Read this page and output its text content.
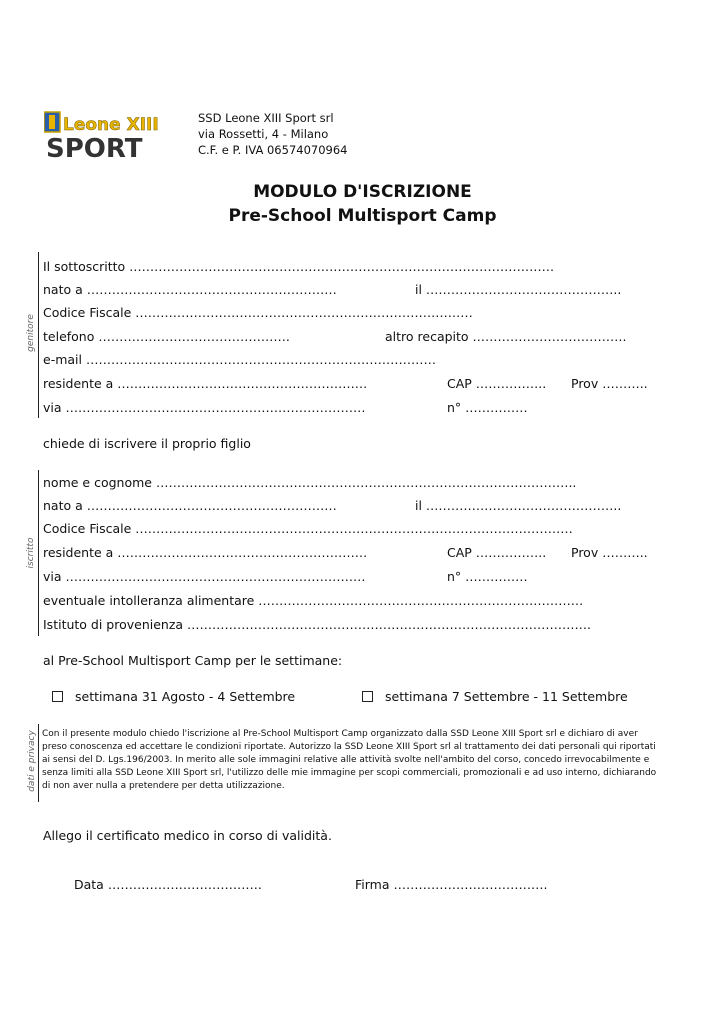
Leone XIII
SPORT
SSD Leone XIII Sport srl
via Rossetti, 4 - Milano
C.F. e P. IVA 06574070964
MODULO D'ISCRIZIONE
Pre-School Multisport Camp
genitore
Il sottoscritto …………………………………………………………………………………………
nato a ……………………………………………………	il ………………………………………..
Codice Fiscale ………………………………………………………………………
telefono ……………………………………….	altro recapito ……………………………….
e-mail …………………………………………………………………………
residente a ……………………………………………………	CAP …………….. Prov ………..
via ………………………………………………………………	n° ……………
chiede di iscrivere il proprio figlio
iscritto
nome e cognome ………………………………………………………………………………………..
nato a ……………………………………………………	il ………………………………………..
Codice Fiscale ……………………………………………………………………………………………
residente a ……………………………………………………	CAP …………….. Prov ………..
via ………………………………………………………………	n° ……………
eventuale intolleranza alimentare ……………………………………………………………………
Istituto di provenienza …………………………………………………………………………………….
al Pre-School Multisport Camp per le settimane:
settimana 31 Agosto - 4 Settembre	settimana 7 Settembre - 11 Settembre
dati e privacy Con il presente modulo chiedo l'iscrizione al Pre-School Multisport Camp organizzato dalla SSD Leone XIII Sport srl e dichiaro di aver
preso conoscenza ed accettare le condizioni riportate. Autorizzo la SSD Leone XIII Sport srl al trattamento dei dati personali qui riportati
ai sensi del D. Lgs.196/2003. In merito alle sole immagini relative alle attività svolte nell'ambito del corso, concedo irrevocabilmente e
senza limiti alla SSD Leone XIII Sport srl, l'utilizzo delle mie immagine per scopi commerciali, promozionali e ad uso interno, dichiarando
di non aver nulla a pretendere per detta utilizzazione.
Allego il certificato medico in corso di validità.
Data ……………………………….	Firma ……………………………….
